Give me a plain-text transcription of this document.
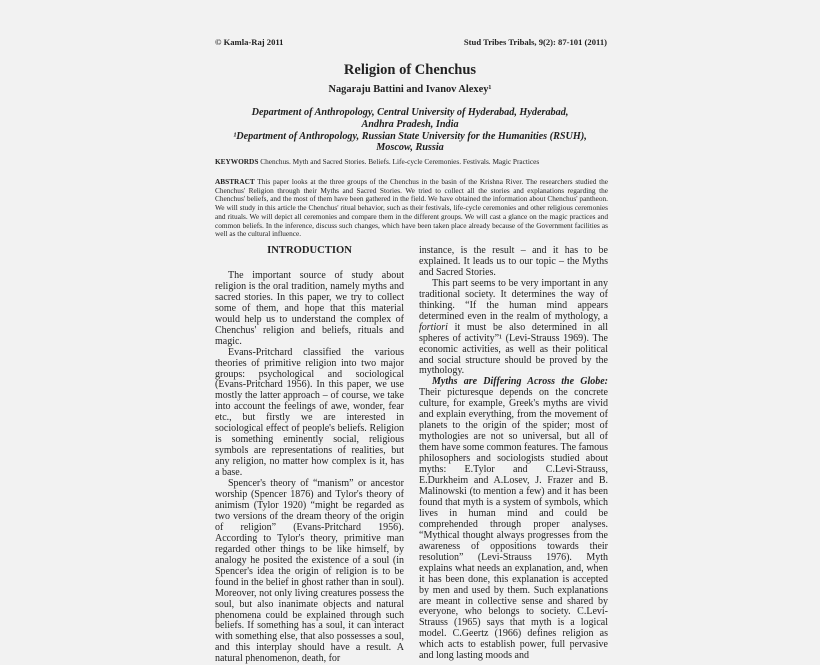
© Kamla-Raj 2011	Stud Tribes Tribals, 9(2): 87-101 (2011)
Religion of Chenchus
Nagaraju Battini and Ivanov Alexey¹
Department of Anthropology, Central University of Hyderabad, Hyderabad,
Andhra Pradesh, India
¹Department of Anthropology, Russian State University for the Humanities (RSUH),
Moscow, Russia
KEYWORDS Chenchus. Myth and Sacred Stories. Beliefs. Life-cycle Ceremonies. Festivals. Magic Practices
ABSTRACT This paper looks at the three groups of the Chenchus in the basin of the Krishna River. The researchers studied the Chenchus' Religion through their Myths and Sacred Stories. We tried to collect all the stories and explanations regarding the Chenchus' beliefs, and the most of them have been gathered in the field. We have obtained the information about Chenchus' pantheon. We will study in this article the Chenchus' ritual behavior, such as their festivals, life-cycle ceremonies and other religious ceremonies and rituals. We will depict all ceremonies and compare them in the different groups. We will cast a glance on the magic practices and common beliefs. In the inference, discuss such changes, which have been taken place already because of the Government facilities as well as the cultural influence.
INTRODUCTION

The important source of study about religion is the oral tradition, namely myths and sacred stories. In this paper, we try to collect some of them, and hope that this material would help us to understand the complex of Chenchus' religion and beliefs, rituals and magic.

Evans-Pritchard classified the various theories of primitive religion into two major groups: psychological and sociological (Evans-Pritchard 1956). In this paper, we use mostly the latter approach – of course, we take into account the feelings of awe, wonder, fear etc., but firstly we are interested in sociological effect of people's beliefs. Religion is something eminently social, religious symbols are representations of realities, but any religion, no matter how complex is it, has a base.

Spencer's theory of “manism” or ancestor worship (Spencer 1876) and Tylor's theory of animism (Tylor 1920) “might be regarded as two versions of the dream theory of the origin of religion” (Evans-Pritchard 1956). According to Tylor's theory, primitive man regarded other things to be like himself, by analogy he posited the existence of a soul (in Spencer's idea the origin of religion is to be found in the belief in ghost rather than in soul). Moreover, not only living creatures possess the soul, but also inanimate objects and natural phenomena could be explained through such beliefs. If something has a soul, it can interact with something else, that also possesses a soul, and this interplay should have a result. A natural phenomenon, death, for

instance, is the result – and it has to be explained. It leads us to our topic – the Myths and Sacred Stories.

This part seems to be very important in any traditional society. It determines the way of thinking. “If the human mind appears determined even in the realm of mythology, a fortiori it must be also determined in all spheres of activity”¹ (Levi-Strauss 1969). The economic activities, as well as their political and social structure should be proved by the mythology.

Myths are Differing Across the Globe: Their picturesque depends on the concrete culture, for example, Greek's myths are vivid and explain everything, from the movement of planets to the origin of the spider; most of mythologies are not so universal, but all of them have some common features. The famous philosophers and sociologists studied about myths: E.Tylor and C.Levi-Strauss, E.Durkheim and A.Losev, J. Frazer and B. Malinowski (to mention a few) and it has been found that myth is a system of symbols, which lives in human mind and could be comprehended through proper analyses. “Mythical thought always progresses from the awareness of oppositions towards their resolution” (Levi-Strauss 1976). Myth explains what needs an explanation, and, when it has been done, this explanation is accepted by men and used by them. Such explanations are meant in collective sense and shared by everyone, who belongs to society. C.Levi-Strauss (1965) says that myth is a logical model. C.Geertz (1966) defines religion as which acts to establish power, full pervasive and long lasting moods and
